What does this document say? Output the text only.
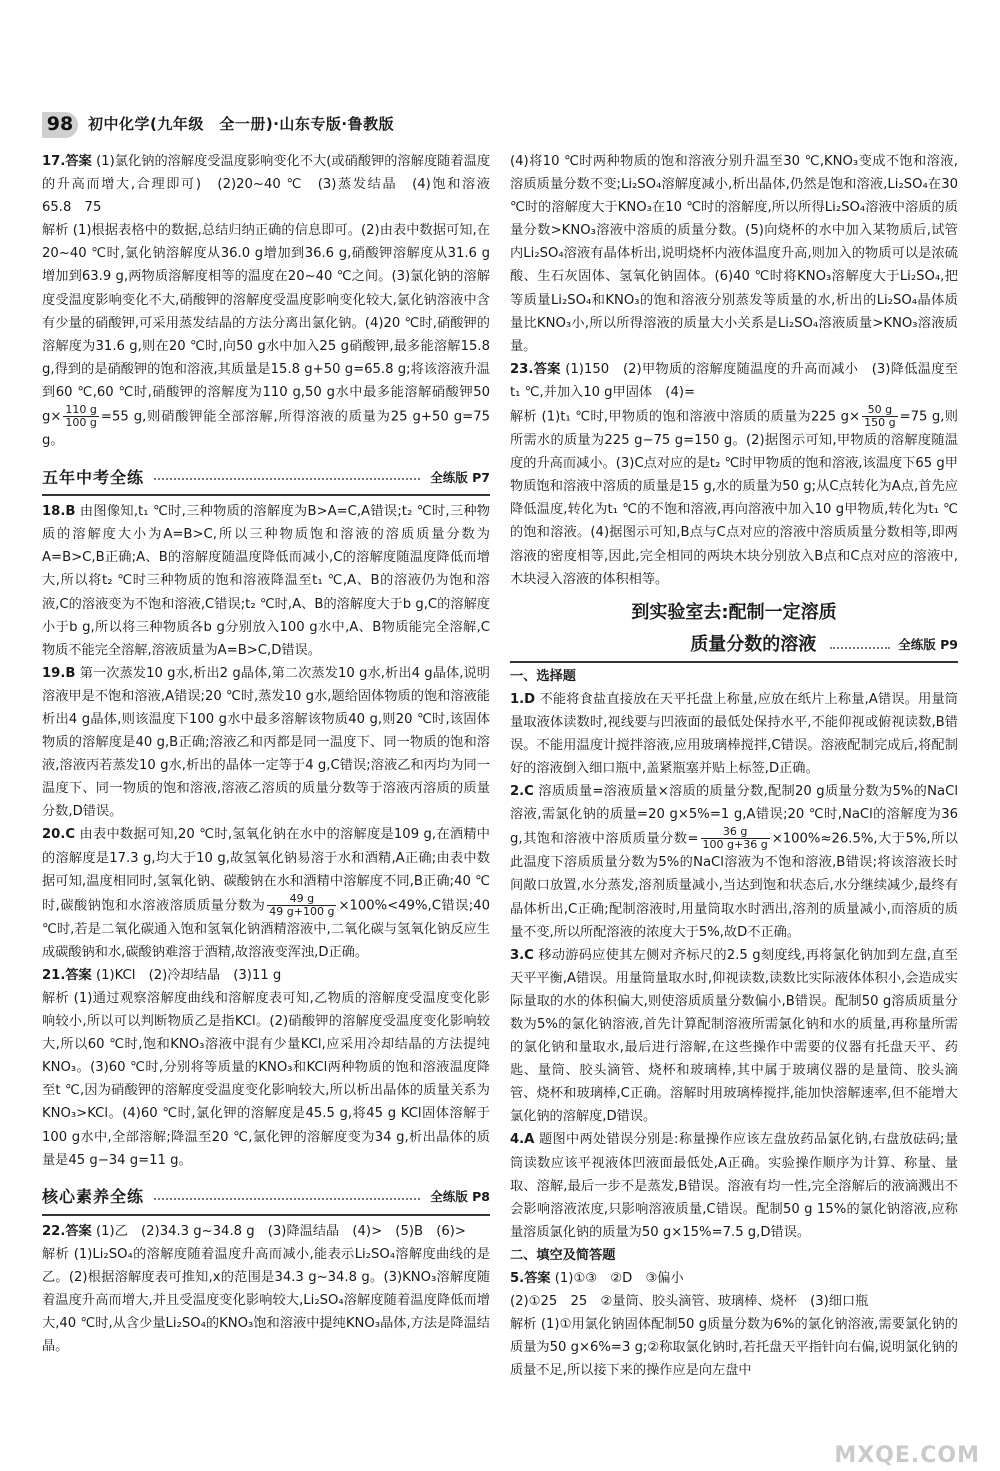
98 初中化学(九年级　全一册)·山东专版·鲁教版

17.答案 (1)氯化钠的溶解度受温度影响变化不大(或硝酸钾的溶解度随着温度的升高而增大,合理即可)　(2)20~40 ℃　(3)蒸发结晶　(4)饱和溶液　65.8　75

解析 (1)根据表格中的数据,总结归纳正确的信息即可。(2)由表中数据可知,在20~40 ℃时,氯化钠溶解度从36.0 g增加到36.6 g,硝酸钾溶解度从31.6 g增加到63.9 g,两物质溶解度相等的温度在20~40 ℃之间。(3)氯化钠的溶解度受温度影响变化不大,硝酸钾的溶解度受温度影响变化较大,氯化钠溶液中含有少量的硝酸钾,可采用蒸发结晶的方法分离出氯化钠。(4)20 ℃时,硝酸钾的溶解度为31.6 g,则在20 ℃时,向50 g水中加入25 g硝酸钾,最多能溶解15.8 g,得到的是硝酸钾的饱和溶液,其质量是15.8 g+50 g=65.8 g;将该溶液升温到60 ℃,60 ℃时,硝酸钾的溶解度为110 g,50 g水中最多能溶解硝酸钾50 $g\times \frac{110 g}{100 g} =55$ g,则硝酸钾能全部溶解,所得溶液的质量为25 g+50 g=75 g。

五年中考全练	全练版 P7

18.B 由图像知,t₁ ℃时,三种物质的溶解度为B>A=C,A错误;t₂ ℃时,三种物质的溶解度大小为A=B>C,所以三种物质饱和溶液的溶质质量分数为A=B>C,B正确;A、B的溶解度随温度降低而减小,C的溶解度随温度降低而增大,所以将t₂ ℃时三种物质的饱和溶液降温至t₁ ℃,A、B的溶液仍为饱和溶液,C的溶液变为不饱和溶液,C错误;t₂ ℃时,A、B的溶解度大于b g,C的溶解度小于b g,所以将三种物质各b g分别放入100 g水中,A、B物质能完全溶解,C物质不能完全溶解,溶液质量为A=B>C,D错误。

19.B 第一次蒸发10 g水,析出2 g晶体,第二次蒸发10 g水,析出4 g晶体,说明溶液甲是不饱和溶液,A错误;20 ℃时,蒸发10 g水,题给固体物质的饱和溶液能析出4 g晶体,则该温度下100 g水中最多溶解该物质40 g,则20 ℃时,该固体物质的溶解度是40 g,B正确;溶液乙和丙都是同一温度下、同一物质的饱和溶液,溶液丙若蒸发10 g水,析出的晶体一定等于4 g,C错误;溶液乙和丙均为同一温度下、同一物质的饱和溶液,溶液乙溶质的质量分数等于溶液丙溶质的质量分数,D错误。

20.C 由表中数据可知,20 ℃时,氢氧化钠在水中的溶解度是109 g,在酒精中的溶解度是17.3 g,均大于10 g,故氢氧化钠易溶于水和酒精,A正确;由表中数据可知,温度相同时,氢氧化钠、碳酸钠在水和酒精中溶解度不同,B正确;40 ℃时,碳酸钠饱和水溶液溶质质量分数为 $\frac{49 g}{49 g+100 g} \times 100\%<49\%,C$错误;40 ℃时,若是二氧化碳通入饱和氢氧化钠酒精溶液中,二氧化碳与氢氧化钠反应生成碳酸钠和水,碳酸钠难溶于酒精,故溶液变浑浊,D正确。

21.答案 (1)KCl　(2)冷却结晶　(3)11 g

解析 (1)通过观察溶解度曲线和溶解度表可知,乙物质的溶解度受温度变化影响较小,所以可以判断物质乙是指KCl。(2)硝酸钾的溶解度受温度变化影响较大,所以60 ℃时,饱和KNO₃溶液中混有少量KCl,应采用冷却结晶的方法提纯KNO₃。(3)60 ℃时,分别将等质量的KNO₃和KCl两种物质的饱和溶液温度降至t ℃,因为硝酸钾的溶解度受温度变化影响较大,所以析出晶体的质量关系为KNO₃>KCl。(4)60 ℃时,氯化钾的溶解度是45.5 g,将45 g KCl固体溶解于100 g水中,全部溶解;降温至20 ℃,氯化钾的溶解度变为34 g,析出晶体的质量是45 g−34 g=11 g。

核心素养全练	全练版 P8

22.答案 (1)乙　(2)34.3 g~34.8 g　(3)降温结晶　(4)>　(5)B　(6)>

解析 (1)Li₂SO₄的溶解度随着温度升高而减小,能表示Li₂SO₄溶解度曲线的是乙。(2)根据溶解度表可推知,x的范围是34.3 g~34.8 g。(3)KNO₃溶解度随着温度升高而增大,并且受温度变化影响较大,Li₂SO₄溶解度随着温度降低而增大,40 ℃时,从含少量Li₂SO₄的KNO₃饱和溶液中提纯KNO₃晶体,方法是降温结晶。

(4)将10 ℃时两种物质的饱和溶液分别升温至30 ℃,KNO₃变成不饱和溶液,溶质质量分数不变;Li₂SO₄溶解度减小,析出晶体,仍然是饱和溶液,Li₂SO₄在30 ℃时的溶解度大于KNO₃在10 ℃时的溶解度,所以所得Li₂SO₄溶液中溶质的质量分数>KNO₃溶液中溶质的质量分数。(5)向烧杯的水中加入某物质后,试管内Li₂SO₄溶液有晶体析出,说明烧杯内液体温度升高,则加入的物质可以是浓硫酸、生石灰固体、氢氧化钠固体。(6)40 ℃时将KNO₃溶解度大于Li₂SO₄,把等质量Li₂SO₄和KNO₃的饱和溶液分别蒸发等质量的水,析出的Li₂SO₄晶体质量比KNO₃小,所以所得溶液的质量大小关系是Li₂SO₄溶液质量>KNO₃溶液质量。

23.答案 (1)150　(2)甲物质的溶解度随温度的升高而减小　(3)降低温度至t₁ ℃,并加入10 g甲固体　(4)=

解析 (1)t₁ ℃时,甲物质的饱和溶液中溶质的质量为225 $g\times \frac{50 g}{150 g} =75$ g,则所需水的质量为225 g−75 g=150 g。(2)据图示可知,甲物质的溶解度随温度的升高而减小。(3)C点对应的是t₂ ℃时甲物质的饱和溶液,该温度下65 g甲物质饱和溶液中溶质的质量是15 g,水的质量为50 g;从C点转化为A点,首先应降低温度,转化为t₁ ℃的不饱和溶液,再向溶液中加入10 g甲物质,转化为t₁ ℃的饱和溶液。(4)据图示可知,B点与C点对应的溶液中溶质质量分数相等,即两溶液的密度相等,因此,完全相同的两块木块分别放入B点和C点对应的溶液中,木块浸入溶液的体积相等。

到实验室去:配制一定溶质
质量分数的溶液	全练版 P9

一、选择题

1.D 不能将食盐直接放在天平托盘上称量,应放在纸片上称量,A错误。用量筒量取液体读数时,视线要与凹液面的最低处保持水平,不能仰视或俯视读数,B错误。不能用温度计搅拌溶液,应用玻璃棒搅拌,C错误。溶液配制完成后,将配制好的溶液倒入细口瓶中,盖紧瓶塞并贴上标签,D正确。

2.C 溶质质量=溶液质量×溶质的质量分数,配制20 g质量分数为5%的NaCl溶液,需氯化钠的质量=20 g×5%=1 g,A错误;20 ℃时,NaCl的溶解度为36 g,其饱和溶液中溶质质量分数= $\frac{36 g}{100 g+36 g} \times 100\%\approx 26.5\%$,大于5%,所以此温度下溶质质量分数为5%的NaCl溶液为不饱和溶液,B错误;将该溶液长时间敞口放置,水分蒸发,溶剂质量减小,当达到饱和状态后,水分继续减少,最终有晶体析出,C正确;配制溶液时,用量筒取水时洒出,溶剂的质量减小,而溶质的质量不变,所以所配溶液的浓度大于5%,故D不正确。

3.C 移动游码应使其左侧对齐标尺的2.5 g刻度线,再将氯化钠加到左盘,直至天平平衡,A错误。用量筒量取水时,仰视读数,读数比实际液体体积小,会造成实际量取的水的体积偏大,则使溶质质量分数偏小,B错误。配制50 g溶质质量分数为5%的氯化钠溶液,首先计算配制溶液所需氯化钠和水的质量,再称量所需的氯化钠和量取水,最后进行溶解,在这些操作中需要的仪器有托盘天平、药匙、量筒、胶头滴管、烧杯和玻璃棒,其中属于玻璃仪器的是量筒、胶头滴管、烧杯和玻璃棒,C正确。溶解时用玻璃棒搅拌,能加快溶解速率,但不能增大氯化钠的溶解度,D错误。

4.A 题图中两处错误分别是:称量操作应该左盘放药品氯化钠,右盘放砝码;量筒读数应该平视液体凹液面最低处,A正确。实验操作顺序为计算、称量、量取、溶解,最后一步不是蒸发,B错误。溶液有均一性,完全溶解后的液滴溅出不会影响溶液浓度,只影响溶液质量,C错误。配制50 g 15%的氯化钠溶液,应称量溶质氯化钠的质量为50 g×15%=7.5 g,D错误。

二、填空及简答题

5.答案 (1)①③　②D　③偏小

(2)①25　25　②量筒、胶头滴管、玻璃棒、烧杯　(3)细口瓶

解析 (1)①用氯化钠固体配制50 g质量分数为6%的氯化钠溶液,需要氯化钠的质量为50 g×6%=3 g;②称取氯化钠时,若托盘天平指针向右偏,说明氯化钠的质量不足,所以接下来的操作应是向左盘中

MXQE.COM
